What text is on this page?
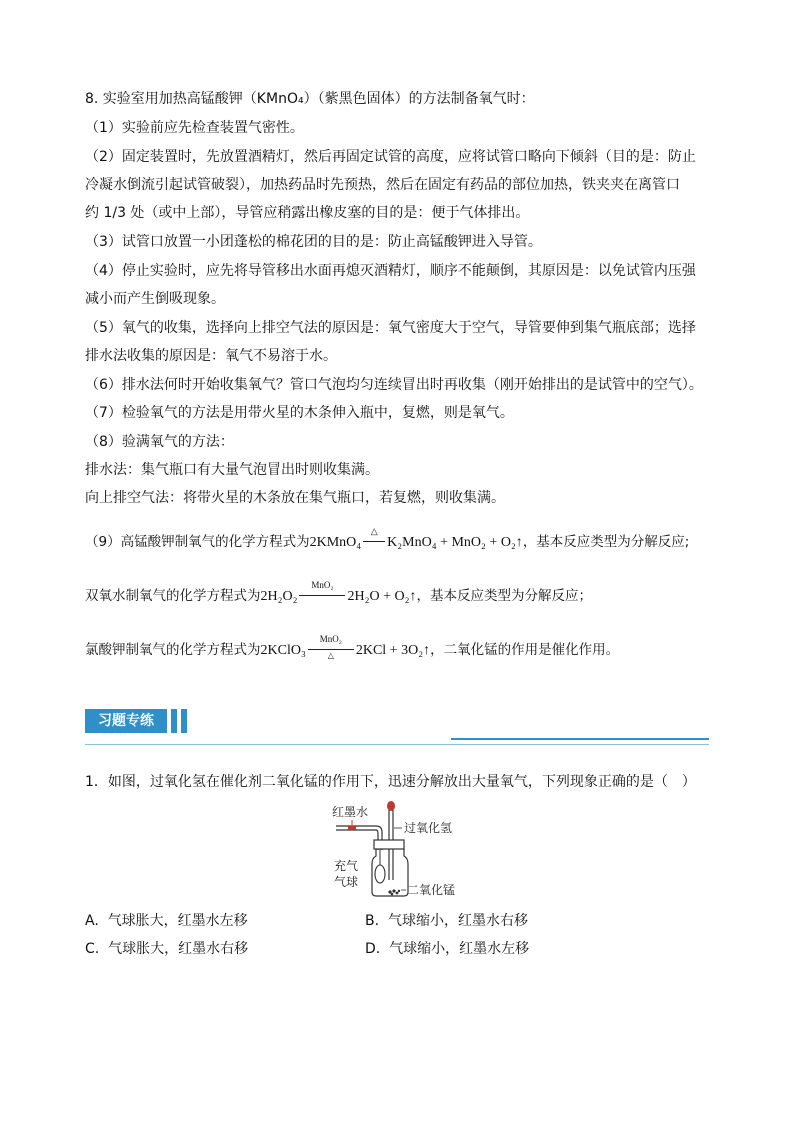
8. 实验室用加热高锰酸钾（KMnO₄）（紫黑色固体）的方法制备氧气时：
（1）实验前应先检查装置气密性。
（2）固定装置时，先放置酒精灯，然后再固定试管的高度，应将试管口略向下倾斜（目的是：防止
冷凝水倒流引起试管破裂），加热药品时先预热，然后在固定有药品的部位加热，铁夹夹在离管口
约 1/3 处（或中上部），导管应稍露出橡皮塞的目的是：便于气体排出。
（3）试管口放置一小团蓬松的棉花团的目的是：防止高锰酸钾进入导管。
（4）停止实验时，应先将导管移出水面再熄灭酒精灯，顺序不能颠倒，其原因是：以免试管内压强
减小而产生倒吸现象。
（5）氧气的收集，选择向上排空气法的原因是：氧气密度大于空气，导管要伸到集气瓶底部；选择
排水法收集的原因是：氧气不易溶于水。
（6）排水法何时开始收集氧气？管口气泡均匀连续冒出时再收集（刚开始排出的是试管中的空气）。
（7）检验氧气的方法是用带火星的木条伸入瓶中，复燃，则是氧气。
（8）验满氧气的方法：
排水法：集气瓶口有大量气泡冒出时则收集满。
向上排空气法：将带火星的木条放在集气瓶口，若复燃，则收集满。
（9）高锰酸钾制氧气的化学方程式为2KMnO₄
△
K₂MnO₄ + MnO₂ + O₂↑，基本反应类型为分解反应;
双氧水制氧气的化学方程式为2H₂O₂
MnO₂
2H₂O + O₂↑，基本反应类型为分解反应；
氯酸钾制氧气的化学方程式为2KClO₃ $\frac{\text{MnO₂}}{\triangle} 2KCl$ + 3O₂↑，二氧化锰的作用是催化作用。
习题专练
1．如图，过氧化氢在催化剂二氧化锰的作用下，迅速分解放出大量氧气，下列现象正确的是（　）
红墨水
过氧化氢
充气
气球
二氧化锰
A. 气球胀大，红墨水左移	B. 气球缩小，红墨水右移
C. 气球胀大，红墨水右移	D. 气球缩小，红墨水左移
